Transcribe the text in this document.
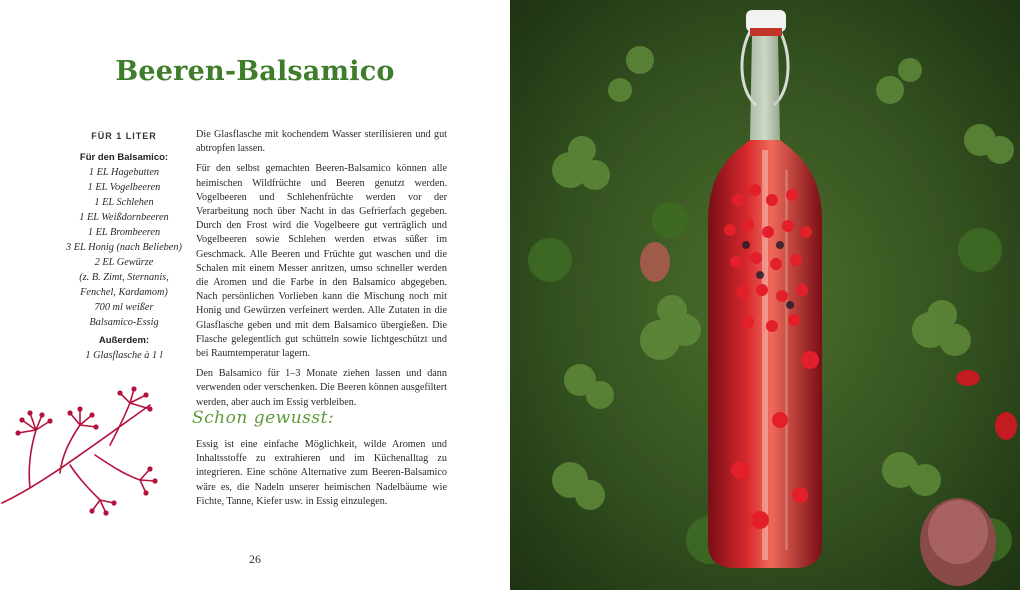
Beeren-Balsamico
FÜR 1 LITER
Für den Balsamico:
1 EL Hagebutten
1 EL Vogelbeeren
1 EL Schlehen
1 EL Weißdornbeeren
1 EL Brombeeren
3 EL Honig (nach Belieben)
2 EL Gewürze
(z. B. Zimt, Sternanis,
Fenchel, Kardamom)
700 ml weißer
Balsamico-Essig
Außerdem:
1 Glasflasche à 1 l

Die Glasflasche mit kochendem Wasser sterilisieren und gut abtropfen lassen.

Für den selbst gemachten Beeren-Balsamico können alle heimischen Wildfrüchte und Beeren genutzt werden. Vogelbeeren und Schlehenfrüchte werden vor der Verarbeitung noch über Nacht in das Gefrierfach gegeben. Durch den Frost wird die Vogelbeere gut verträglich und Vogelbeeren sowie Schlehen werden etwas süßer im Geschmack. Alle Beeren und Früchte gut waschen und die Schalen mit einem Messer anritzen, umso schneller werden die Aromen und die Farbe in den Balsamico abgegeben. Nach persönlichen Vorlieben kann die Mischung noch mit Honig und Gewürzen verfeinert werden. Alle Zutaten in die Glasflasche geben und mit dem Balsamico übergießen. Die Flasche gelegentlich gut schütteln sowie lichtgeschützt und bei Raumtemperatur lagern.

Den Balsamico für 1–3 Monate ziehen lassen und dann verwenden oder verschenken. Die Beeren können ausgefiltert werden, aber auch im Essig verbleiben.

Schon gewusst:
Essig ist eine einfache Möglichkeit, wilde Aromen und Inhaltsstoffe zu extrahieren und im Küchenalltag zu integrieren. Eine schöne Alternative zum Beeren-Balsamico wäre es, die Nadeln unserer heimischen Nadelbäume wie Fichte, Tanne, Kiefer usw. in Essig einzulegen.
26
